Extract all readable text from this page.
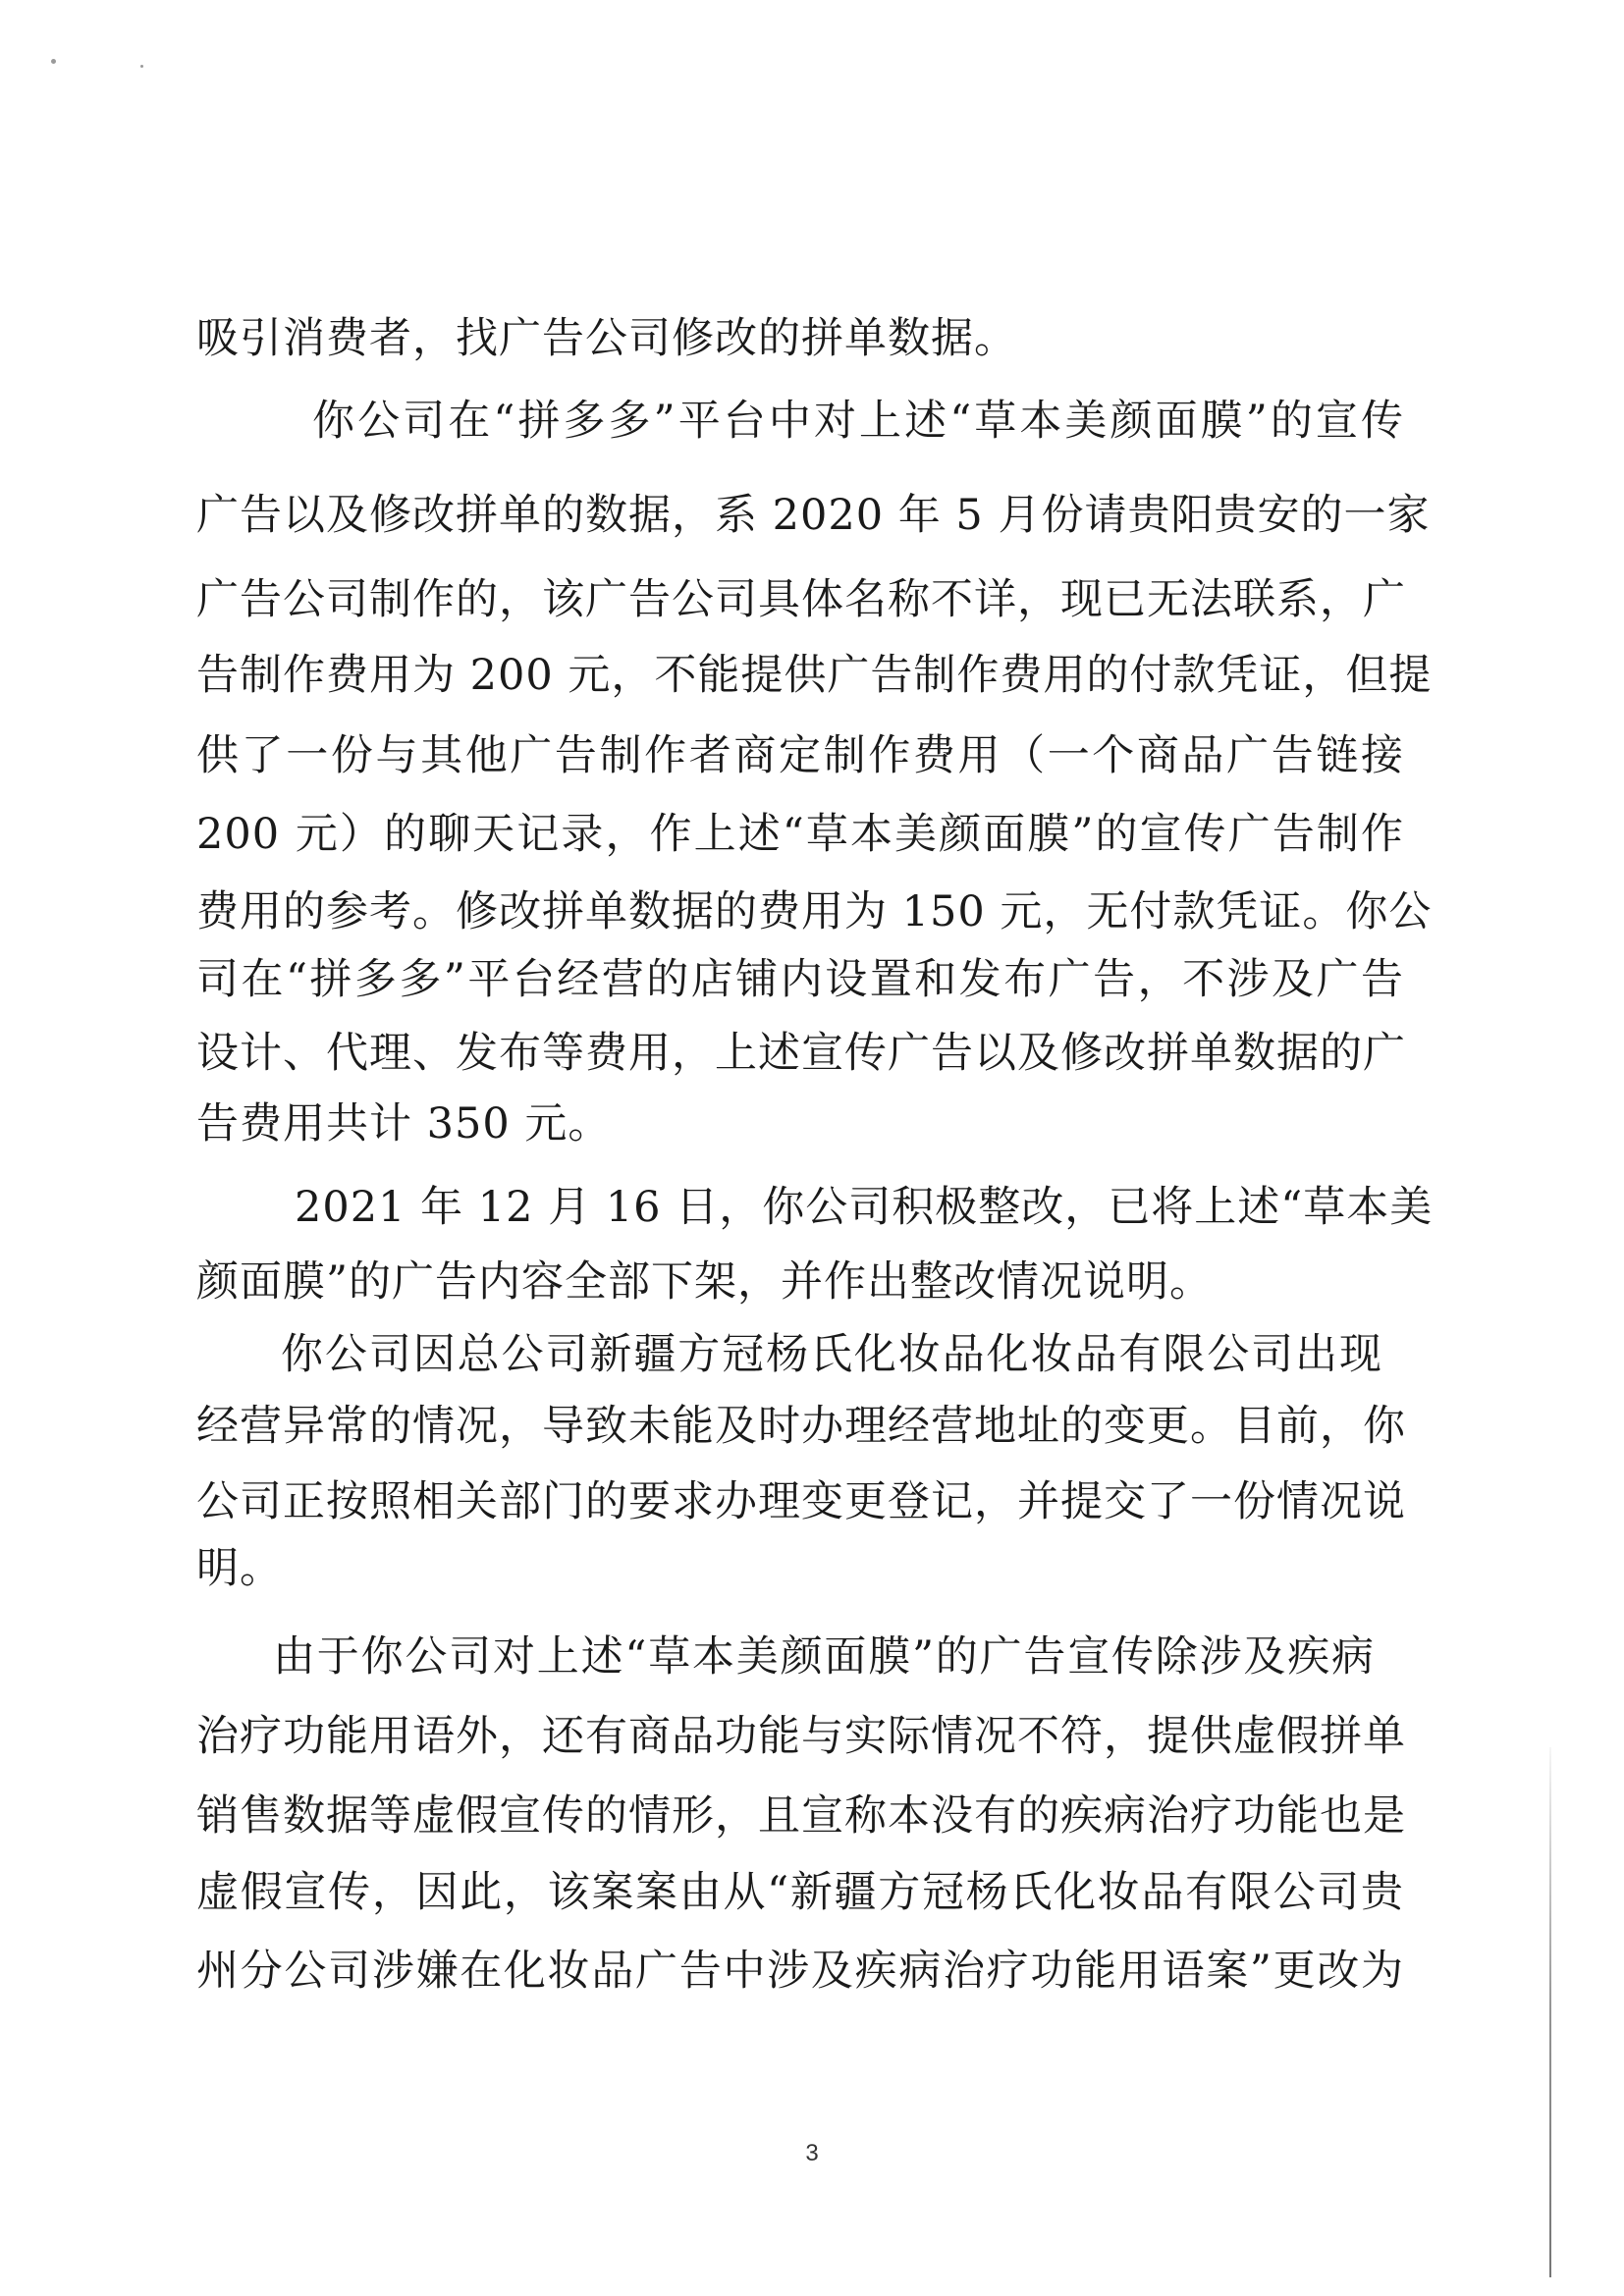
吸引消费者，找广告公司修改的拼单数据。
你公司在“拼多多”平台中对上述“草本美颜面膜”的宣传
广告以及修改拼单的数据，系 2020 年 5 月份请贵阳贵安的一家
广告公司制作的，该广告公司具体名称不详，现已无法联系，广
告制作费用为 200 元，不能提供广告制作费用的付款凭证，但提
供了一份与其他广告制作者商定制作费用（一个商品广告链接
200 元）的聊天记录，作上述“草本美颜面膜”的宣传广告制作
费用的参考。修改拼单数据的费用为 150 元，无付款凭证。你公
司在“拼多多”平台经营的店铺内设置和发布广告，不涉及广告
设计、代理、发布等费用，上述宣传广告以及修改拼单数据的广
告费用共计 350 元。
2021 年 12 月 16 日，你公司积极整改，已将上述“草本美
颜面膜”的广告内容全部下架，并作出整改情况说明。
你公司因总公司新疆方冠杨氏化妆品化妆品有限公司出现
经营异常的情况，导致未能及时办理经营地址的变更。目前，你
公司正按照相关部门的要求办理变更登记，并提交了一份情况说
明。
由于你公司对上述“草本美颜面膜”的广告宣传除涉及疾病
治疗功能用语外，还有商品功能与实际情况不符，提供虚假拼单
销售数据等虚假宣传的情形，且宣称本没有的疾病治疗功能也是
虚假宣传，因此，该案案由从“新疆方冠杨氏化妆品有限公司贵
州分公司涉嫌在化妆品广告中涉及疾病治疗功能用语案”更改为
3
